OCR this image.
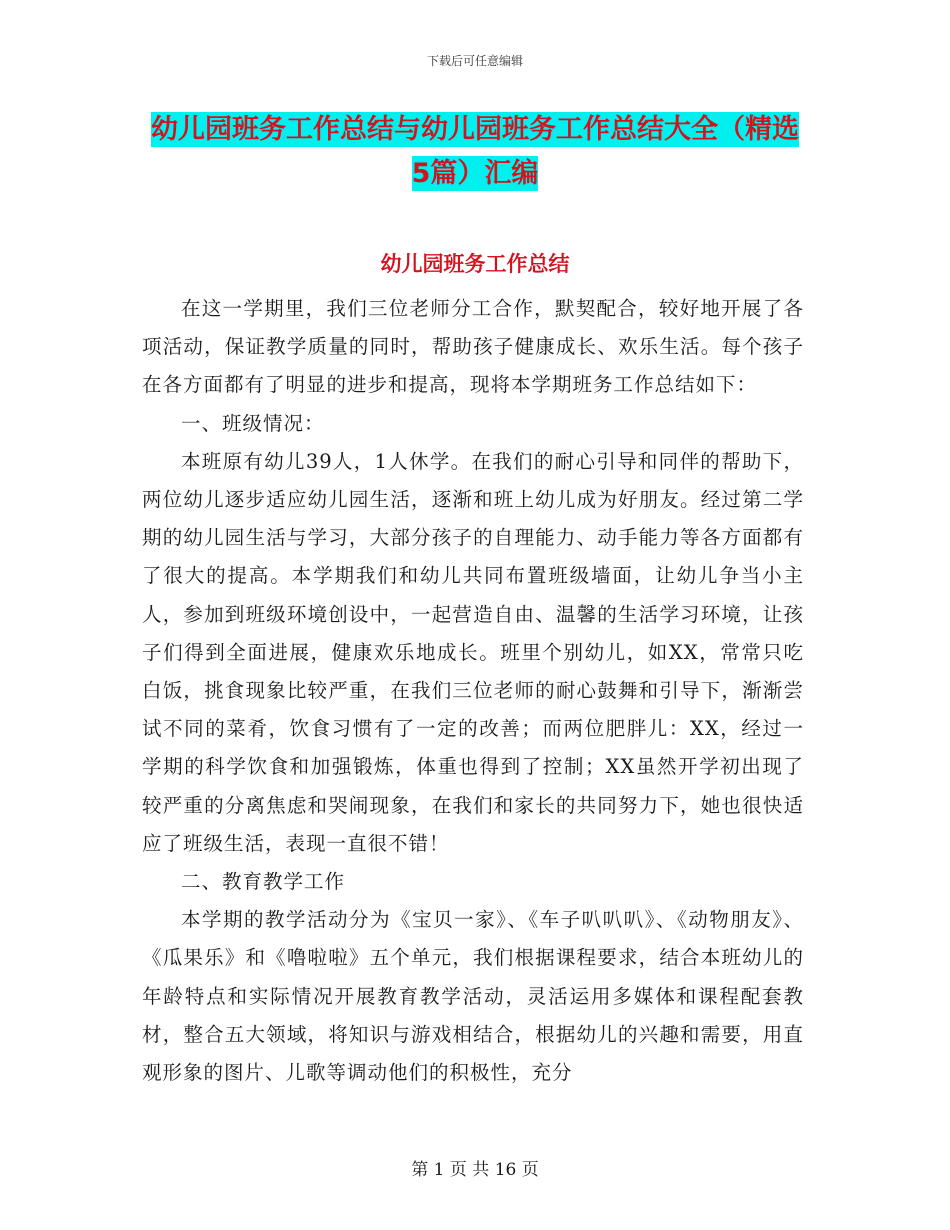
下载后可任意编辑
幼儿园班务工作总结与幼儿园班务工作总结大全（精选5篇）汇编
幼儿园班务工作总结

在这一学期里，我们三位老师分工合作，默契配合，较好地开展了各项活动，保证教学质量的同时，帮助孩子健康成长、欢乐生活。每个孩子在各方面都有了明显的进步和提高，现将本学期班务工作总结如下：

一、班级情况：

本班原有幼儿39人，1人休学。在我们的耐心引导和同伴的帮助下，两位幼儿逐步适应幼儿园生活，逐渐和班上幼儿成为好朋友。经过第二学期的幼儿园生活与学习，大部分孩子的自理能力、动手能力等各方面都有了很大的提高。本学期我们和幼儿共同布置班级墙面，让幼儿争当小主人，参加到班级环境创设中，一起营造自由、温馨的生活学习环境，让孩子们得到全面进展，健康欢乐地成长。班里个别幼儿，如XX，常常只吃白饭，挑食现象比较严重，在我们三位老师的耐心鼓舞和引导下，渐渐尝试不同的菜肴，饮食习惯有了一定的改善；而两位肥胖儿：XX，经过一学期的科学饮食和加强锻炼，体重也得到了控制；XX虽然开学初出现了较严重的分离焦虑和哭闹现象，在我们和家长的共同努力下，她也很快适应了班级生活，表现一直很不错！

二、教育教学工作

本学期的教学活动分为《宝贝一家》、《车子叭叭叭》、《动物朋友》、《瓜果乐》和《噜啦啦》五个单元，我们根据课程要求，结合本班幼儿的年龄特点和实际情况开展教育教学活动，灵活运用多媒体和课程配套教材，整合五大领域，将知识与游戏相结合，根据幼儿的兴趣和需要，用直观形象的图片、儿歌等调动他们的积极性，充分

第 1 页 共 16 页
